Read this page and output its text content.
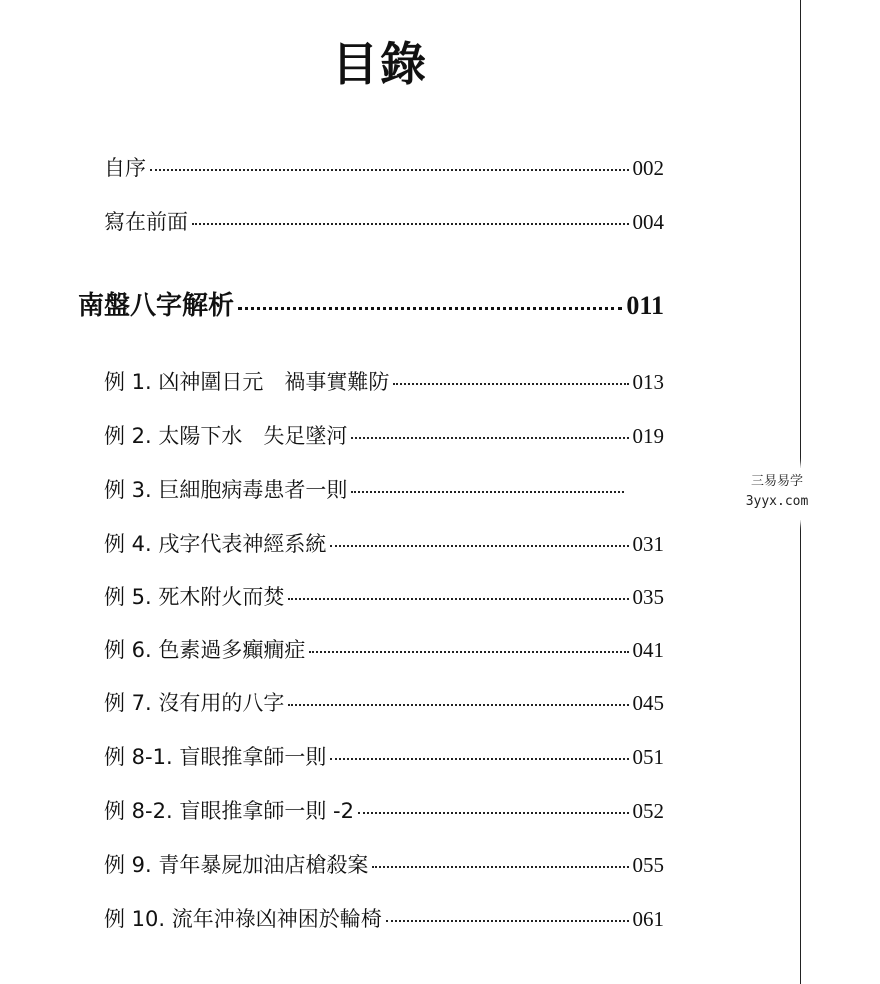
目錄
自序	002
寫在前面	004
南盤八字解析	011
例 1. 凶神圍日元　禍事實難防	013
例 2. 太陽下水　失足墜河	019
例 3. 巨細胞病毒患者一則
例 4. 戌字代表神經系統	031
例 5. 死木附火而焚	035
例 6. 色素過多癲癇症	041
例 7. 沒有用的八字	045
例 8-1. 盲眼推拿師一則	051
例 8-2. 盲眼推拿師一則 -2	052
例 9. 青年暴屍加油店槍殺案	055
例 10. 流年沖祿凶神困於輪椅	061
三易易学
3yyx.com
